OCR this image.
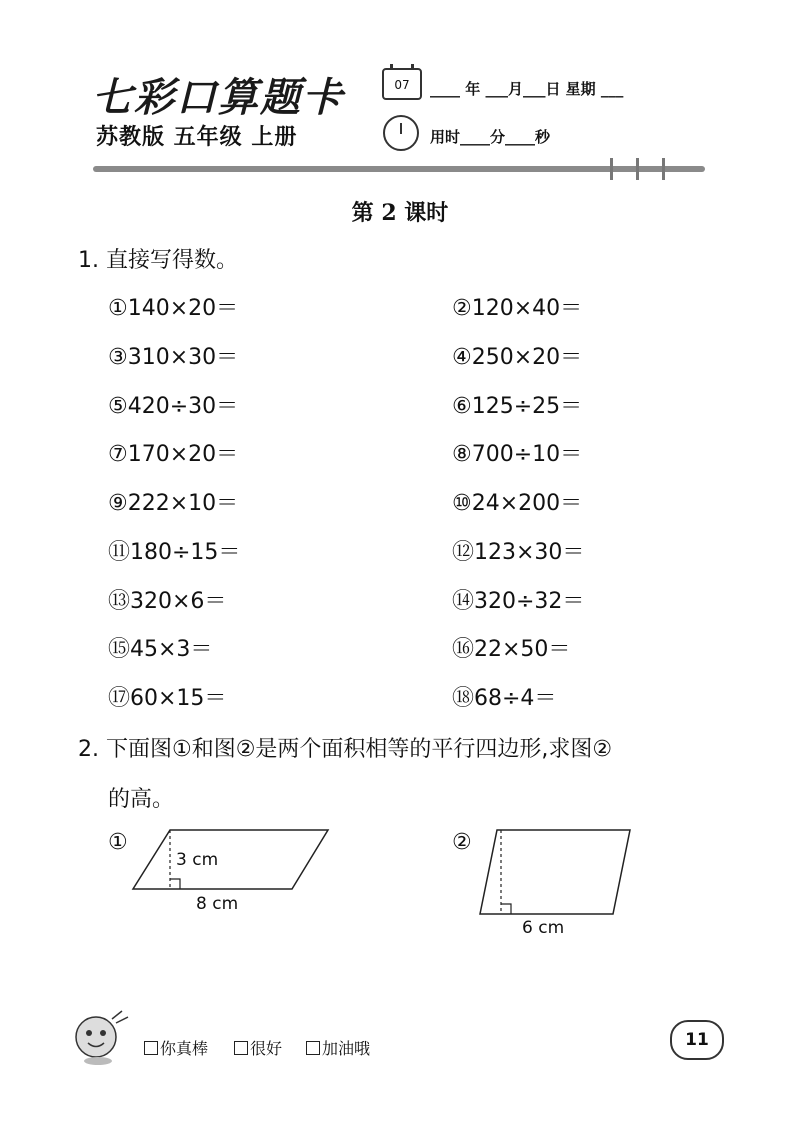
七彩口算题卡
苏教版 五年级 上册
07	____ 年 ___月___日 星期 ___
用时____分____秒
第 2 课时
1. 直接写得数。
①140×20＝	②120×40＝
③310×30＝	④250×20＝
⑤420÷30＝	⑥125÷25＝
⑦170×20＝	⑧700÷10＝
⑨222×10＝	⑩24×200＝
⑪180÷15＝	⑫123×30＝
⑬320×6＝	⑭320÷32＝
⑮45×3＝	⑯22×50＝
⑰60×15＝	⑱68÷4＝
2. 下面图①和图②是两个面积相等的平行四边形,求图②
的高。
①
3 cm
8 cm
②
6 cm
你真棒	很好	加油哦	11
